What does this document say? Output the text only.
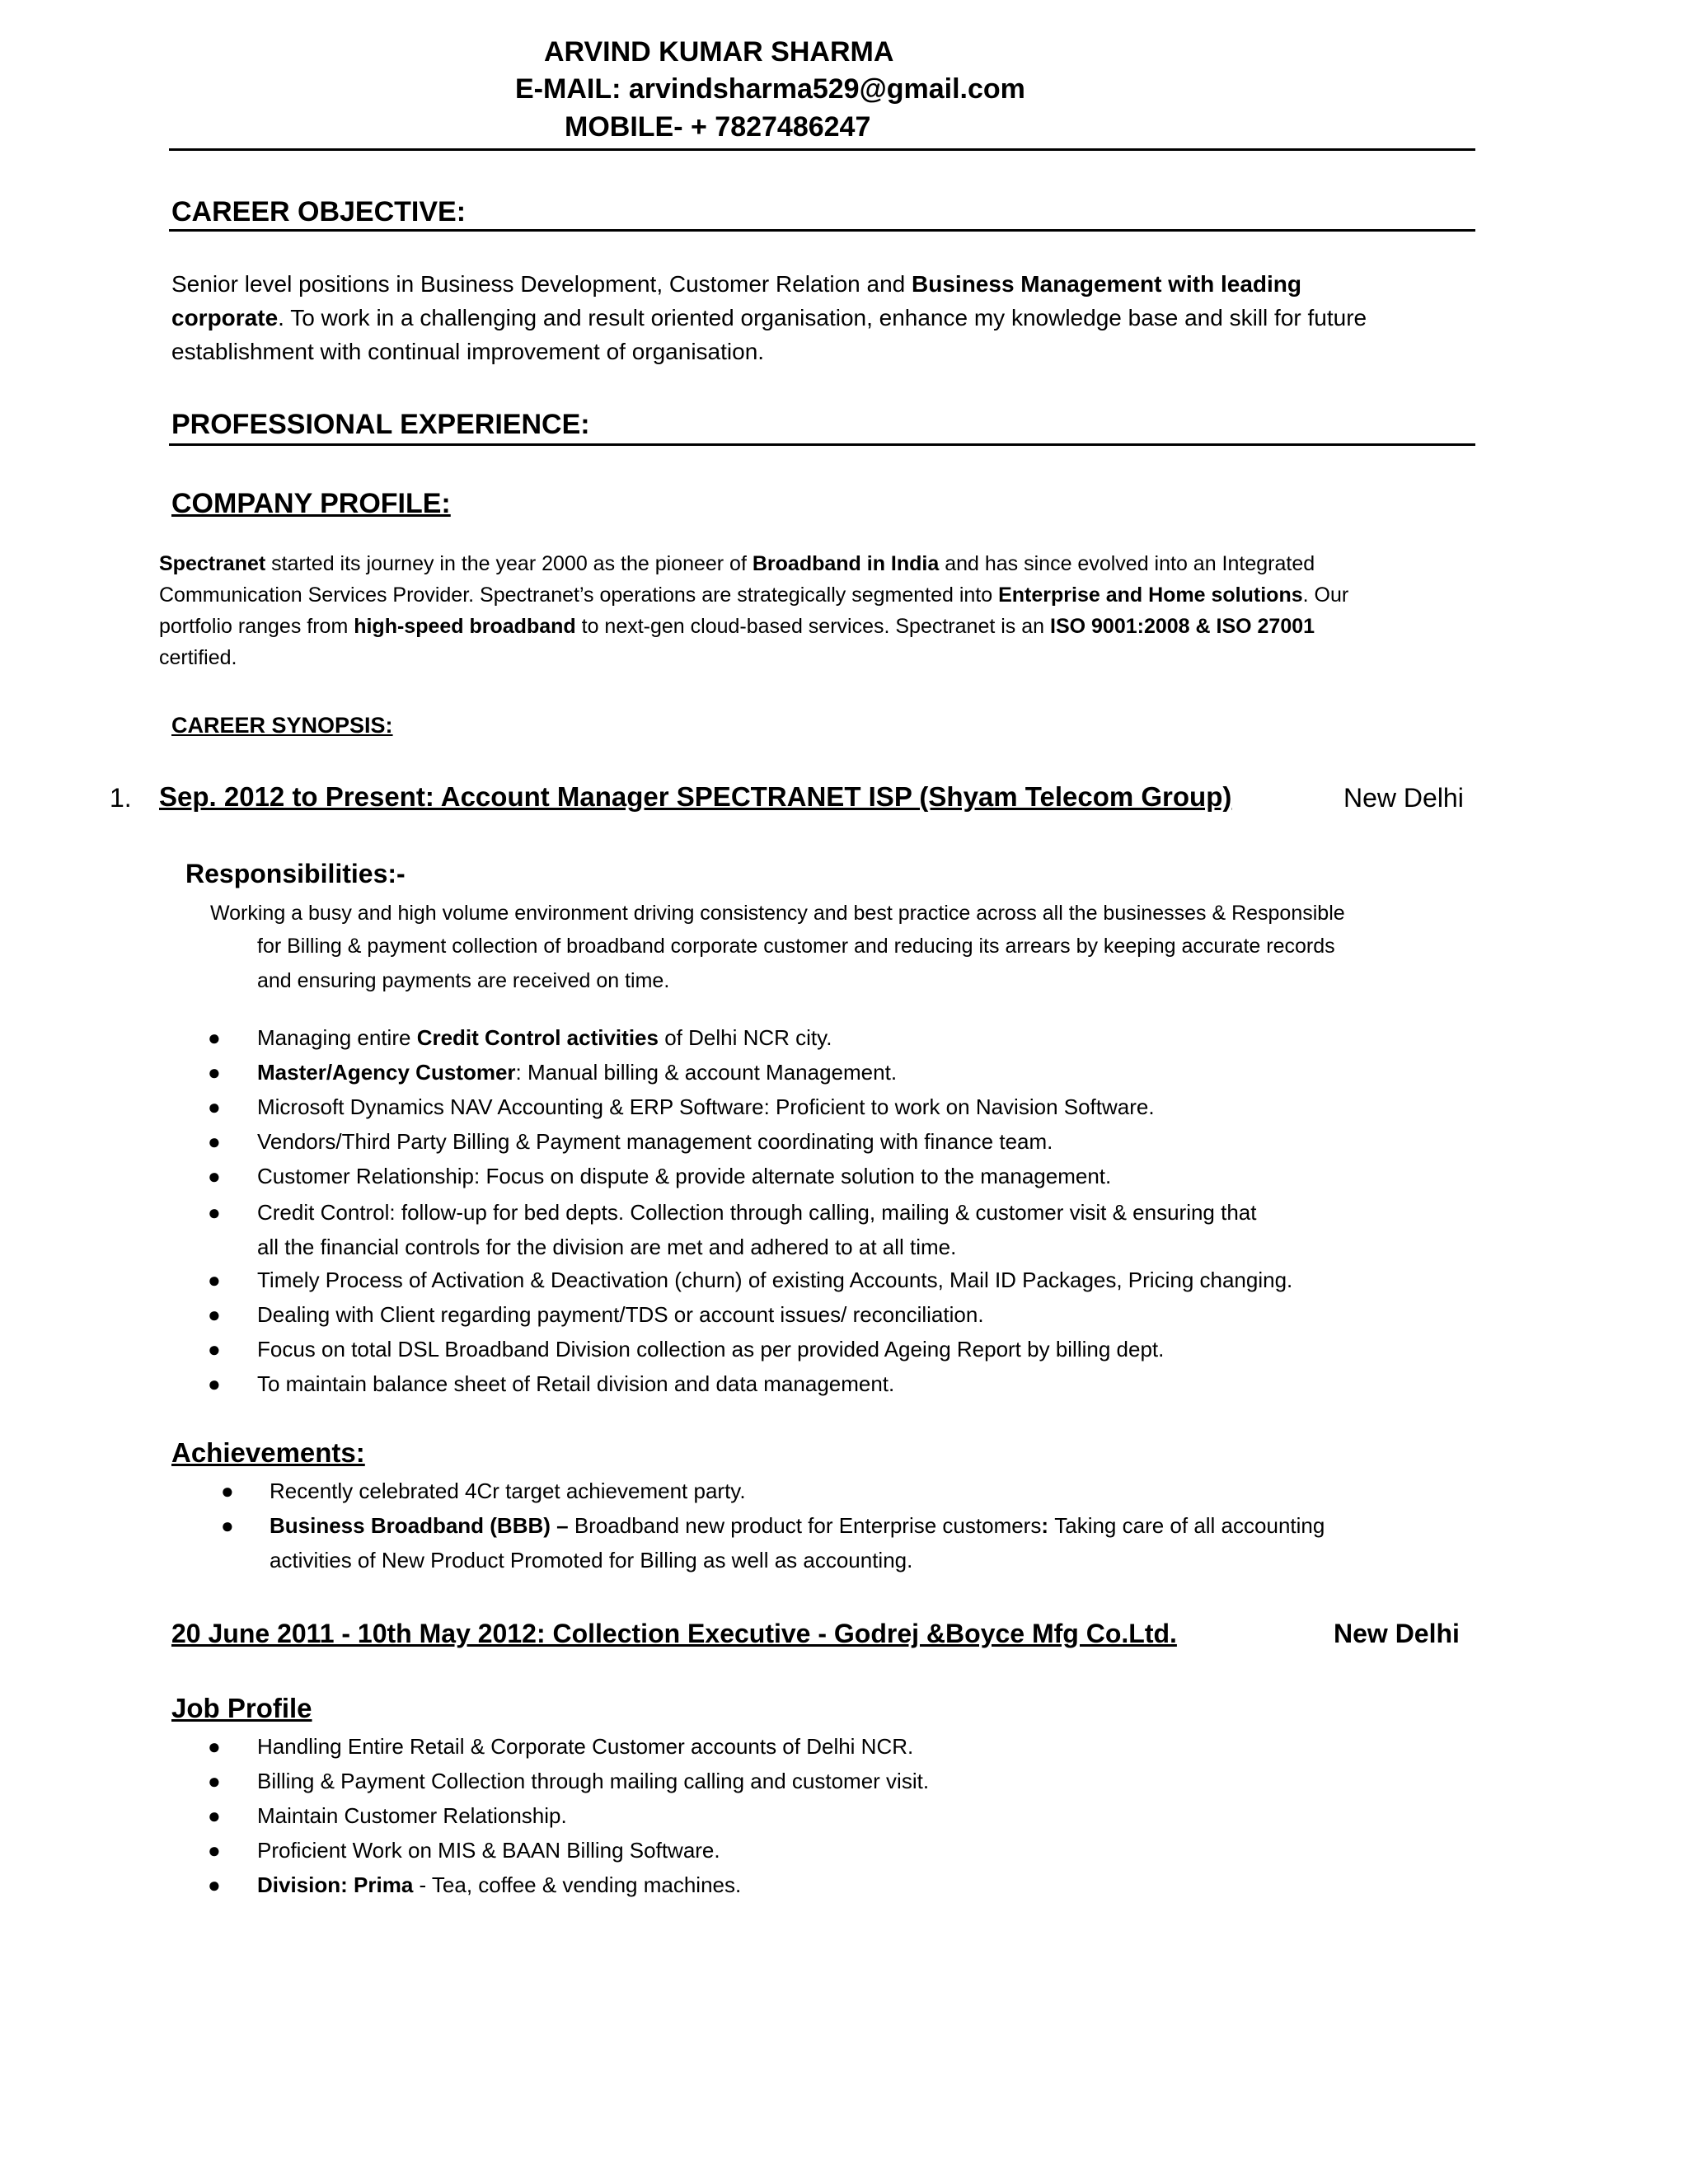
ARVIND KUMAR SHARMA
E-MAIL: arvindsharma529@gmail.com
MOBILE- + 7827486247
CAREER OBJECTIVE:
Senior level positions in Business Development, Customer Relation and Business Management with leading
corporate. To work in a challenging and result oriented organisation, enhance my knowledge base and skill for future
establishment with continual improvement of organisation.
PROFESSIONAL EXPERIENCE:
COMPANY PROFILE:
Spectranet started its journey in the year 2000 as the pioneer of Broadband in India and has since evolved into an Integrated
Communication Services Provider. Spectranet’s operations are strategically segmented into Enterprise and Home solutions. Our
portfolio ranges from high-speed broadband to next-gen cloud-based services. Spectranet is an ISO 9001:2008 & ISO 27001
certified.
CAREER SYNOPSIS:
1. Sep. 2012 to Present: Account Manager SPECTRANET ISP (Shyam Telecom Group)	New Delhi
Responsibilities:-
Working a busy and high volume environment driving consistency and best practice across all the businesses & Responsible
for Billing & payment collection of broadband corporate customer and reducing its arrears by keeping accurate records
and ensuring payments are received on time.
● Managing entire Credit Control activities of Delhi NCR city.
● Master/Agency Customer: Manual billing & account Management.
● Microsoft Dynamics NAV Accounting & ERP Software: Proficient to work on Navision Software.
● Vendors/Third Party Billing & Payment management coordinating with finance team.
● Customer Relationship: Focus on dispute & provide alternate solution to the management.
● Credit Control: follow-up for bed depts. Collection through calling, mailing & customer visit & ensuring that
all the financial controls for the division are met and adhered to at all time.
● Timely Process of Activation & Deactivation (churn) of existing Accounts, Mail ID Packages, Pricing changing.
● Dealing with Client regarding payment/TDS or account issues/ reconciliation.
● Focus on total DSL Broadband Division collection as per provided Ageing Report by billing dept.
● To maintain balance sheet of Retail division and data management.
Achievements:
● Recently celebrated 4Cr target achievement party.
● Business Broadband (BBB) – Broadband new product for Enterprise customers: Taking care of all accounting
activities of New Product Promoted for Billing as well as accounting.
20 June 2011 - 10th May 2012: Collection Executive - Godrej &Boyce Mfg Co.Ltd.	New Delhi
Job Profile
● Handling Entire Retail & Corporate Customer accounts of Delhi NCR.
● Billing & Payment Collection through mailing calling and customer visit.
● Maintain Customer Relationship.
● Proficient Work on MIS & BAAN Billing Software.
● Division: Prima - Tea, coffee & vending machines.
